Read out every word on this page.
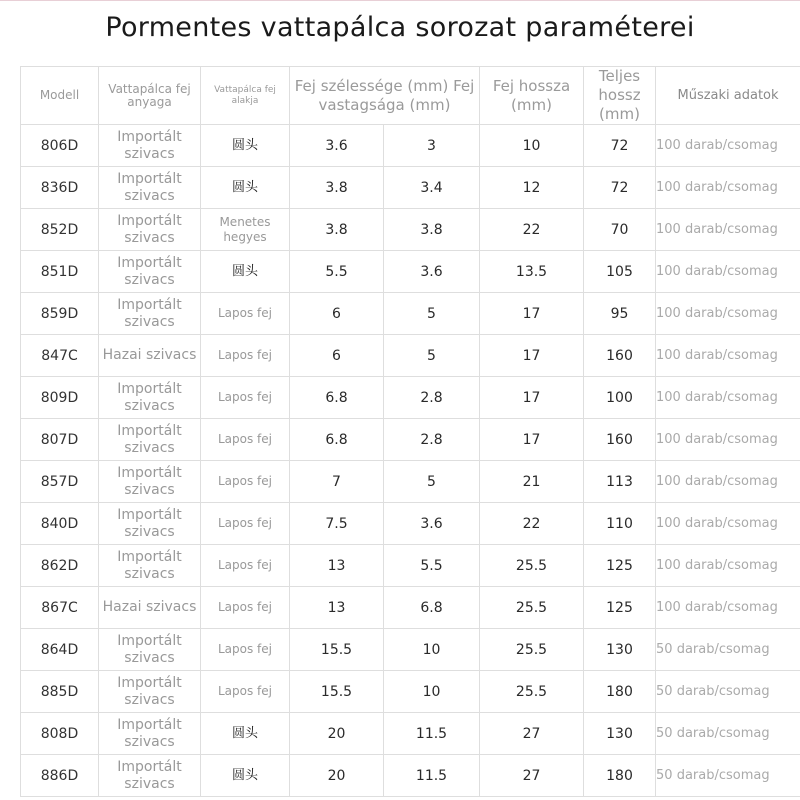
Pormentes vattapálca sorozat paraméterei
Modell	Vattapálca fej anyaga	Vattapálca fej alakja	Fej szélessége (mm) Fej vastagsága (mm)		Fej hossza (mm)	Teljes hossz (mm)	Műszaki adatok
806D	Importált szivacs	圆头	3.6	3	10	72	100 darab/csomag

836D	Importált szivacs	圆头	3.8	3.4	12	72	100 darab/csomag

852D	Importált szivacs	Menetes hegyes	3.8	3.8	22	70	100 darab/csomag

851D	Importált szivacs	圆头	5.5	3.6	13.5	105	100 darab/csomag

859D	Importált szivacs	Lapos fej	6	5	17	95	100 darab/csomag

847C	Hazai szivacs	Lapos fej	6	5	17	160	100 darab/csomag

809D	Importált szivacs	Lapos fej	6.8	2.8	17	100	100 darab/csomag

807D	Importált szivacs	Lapos fej	6.8	2.8	17	160	100 darab/csomag

857D	Importált szivacs	Lapos fej	7	5	21	113	100 darab/csomag

840D	Importált szivacs	Lapos fej	7.5	3.6	22	110	100 darab/csomag

862D	Importált szivacs	Lapos fej	13	5.5	25.5	125	100 darab/csomag

867C	Hazai szivacs	Lapos fej	13	6.8	25.5	125	100 darab/csomag

864D	Importált szivacs	Lapos fej	15.5	10	25.5	130	50 darab/csomag

885D	Importált szivacs	Lapos fej	15.5	10	25.5	180	50 darab/csomag

808D	Importált szivacs	圆头	20	11.5	27	130	50 darab/csomag

886D	Importált szivacs	圆头	20	11.5	27	180	50 darab/csomag
